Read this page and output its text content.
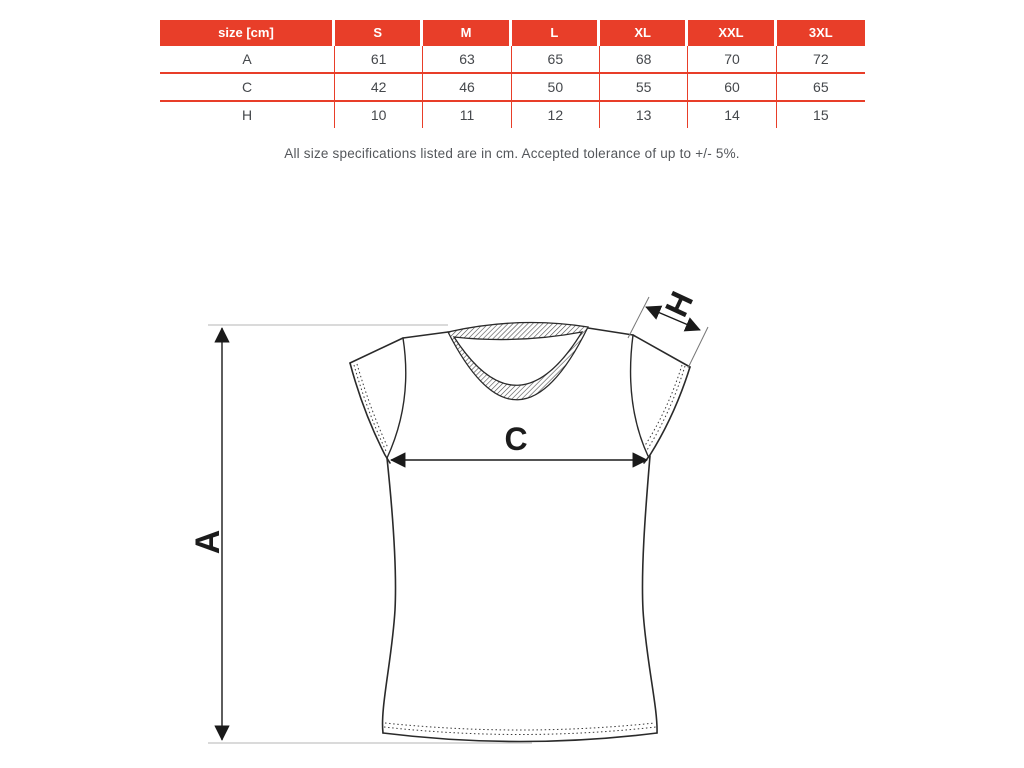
size [cm]	S	M	L	XL	XXL	3XL
A	61	63	65	68	70	72
C	42	46	50	55	60	65
H	10	11	12	13	14	15
All size specifications listed are in cm. Accepted tolerance of up to +/- 5%.
A
C
H
